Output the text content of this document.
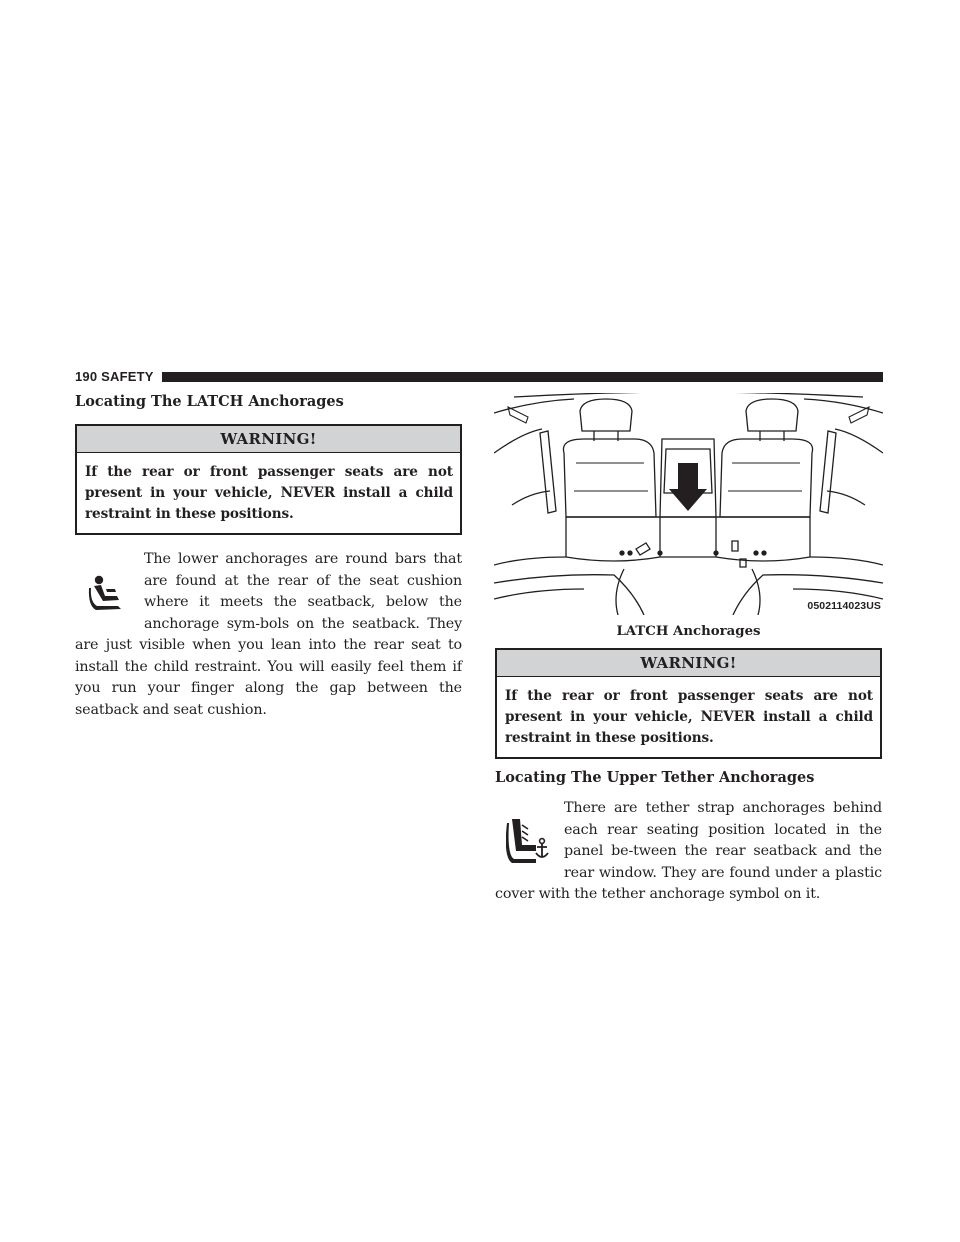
190 SAFETY
Locating The LATCH Anchorages
WARNING!
If the rear or front passenger seats are not present in your vehicle, NEVER install a child restraint in these positions.

The lower anchorages are round bars that are found at the rear of the seat cushion where it meets the seatback, below the anchorage sym-bols on the seatback. They are just visible when you lean into the rear seat to install the child restraint. You will easily feel them if you run your finger along the gap between the seatback and seat cushion.

0502114023US
LATCH Anchorages
WARNING!
If the rear or front passenger seats are not present in your vehicle, NEVER install a child restraint in these positions.
Locating The Upper Tether Anchorages

There are tether strap anchorages behind each rear seating position located in the panel be-tween the rear seatback and the rear window. They are found under a plastic cover with the tether anchorage symbol on it.
